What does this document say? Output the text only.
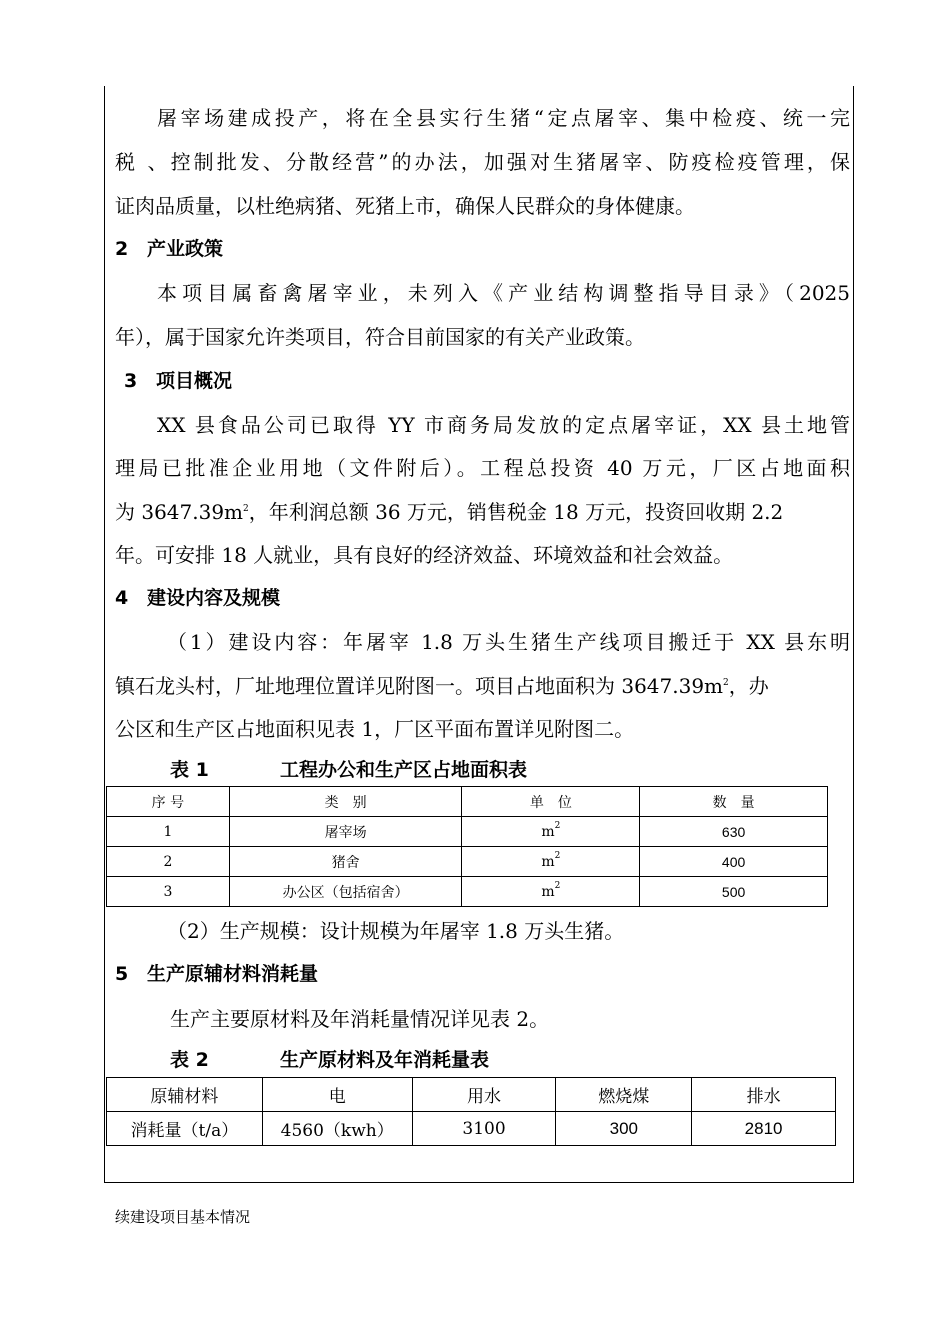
屠宰场建成投产，将在全县实行生猪“定点屠宰、集中检疫、统一完
税 、控制批发、分散经营”的办法，加强对生猪屠宰、防疫检疫管理，保
证肉品质量，以杜绝病猪、死猪上市，确保人民群众的身体健康。
2 产业政策
本项目属畜禽屠宰业，未列入《产业结构调整指导目录》（2025
年），属于国家允许类项目，符合目前国家的有关产业政策。
3 项目概况
XX 县食品公司已取得 YY 市商务局发放的定点屠宰证，XX 县土地管
理局已批准企业用地（文件附后）。工程总投资 40 万元，厂区占地面积
为 $3647.39m^2$，年利润总额 36 万元，销售税金 18 万元，投资回收期 2.2
年。可安排 18 人就业，具有良好的经济效益、环境效益和社会效益。
4 建设内容及规模
（1）建设内容：年屠宰 1.8 万头生猪生产线项目搬迁于 XX 县东明
镇石龙头村，厂址地理位置详见附图一。项目占地面积为 $3647.39m^2$，办
公区和生产区占地面积见表 1，厂区平面布置详见附图二。
表 1	工程办公和生产区占地面积表
序 号	类　别	单　位	数　量
1	屠宰场	$m^2$	630
2	猪舍	$m^2$	400
3	办公区（包括宿舍）	$m^2$	500
（2）生产规模：设计规模为年屠宰 1.8 万头生猪。
5 生产原辅材料消耗量
生产主要原材料及年消耗量情况详见表 2。
表 2	生产原材料及年消耗量表
原辅材料	电	用水	燃烧煤	排水
消耗量（t/a）	4560（kwh）	3100	300	2810
续建设项目基本情况
